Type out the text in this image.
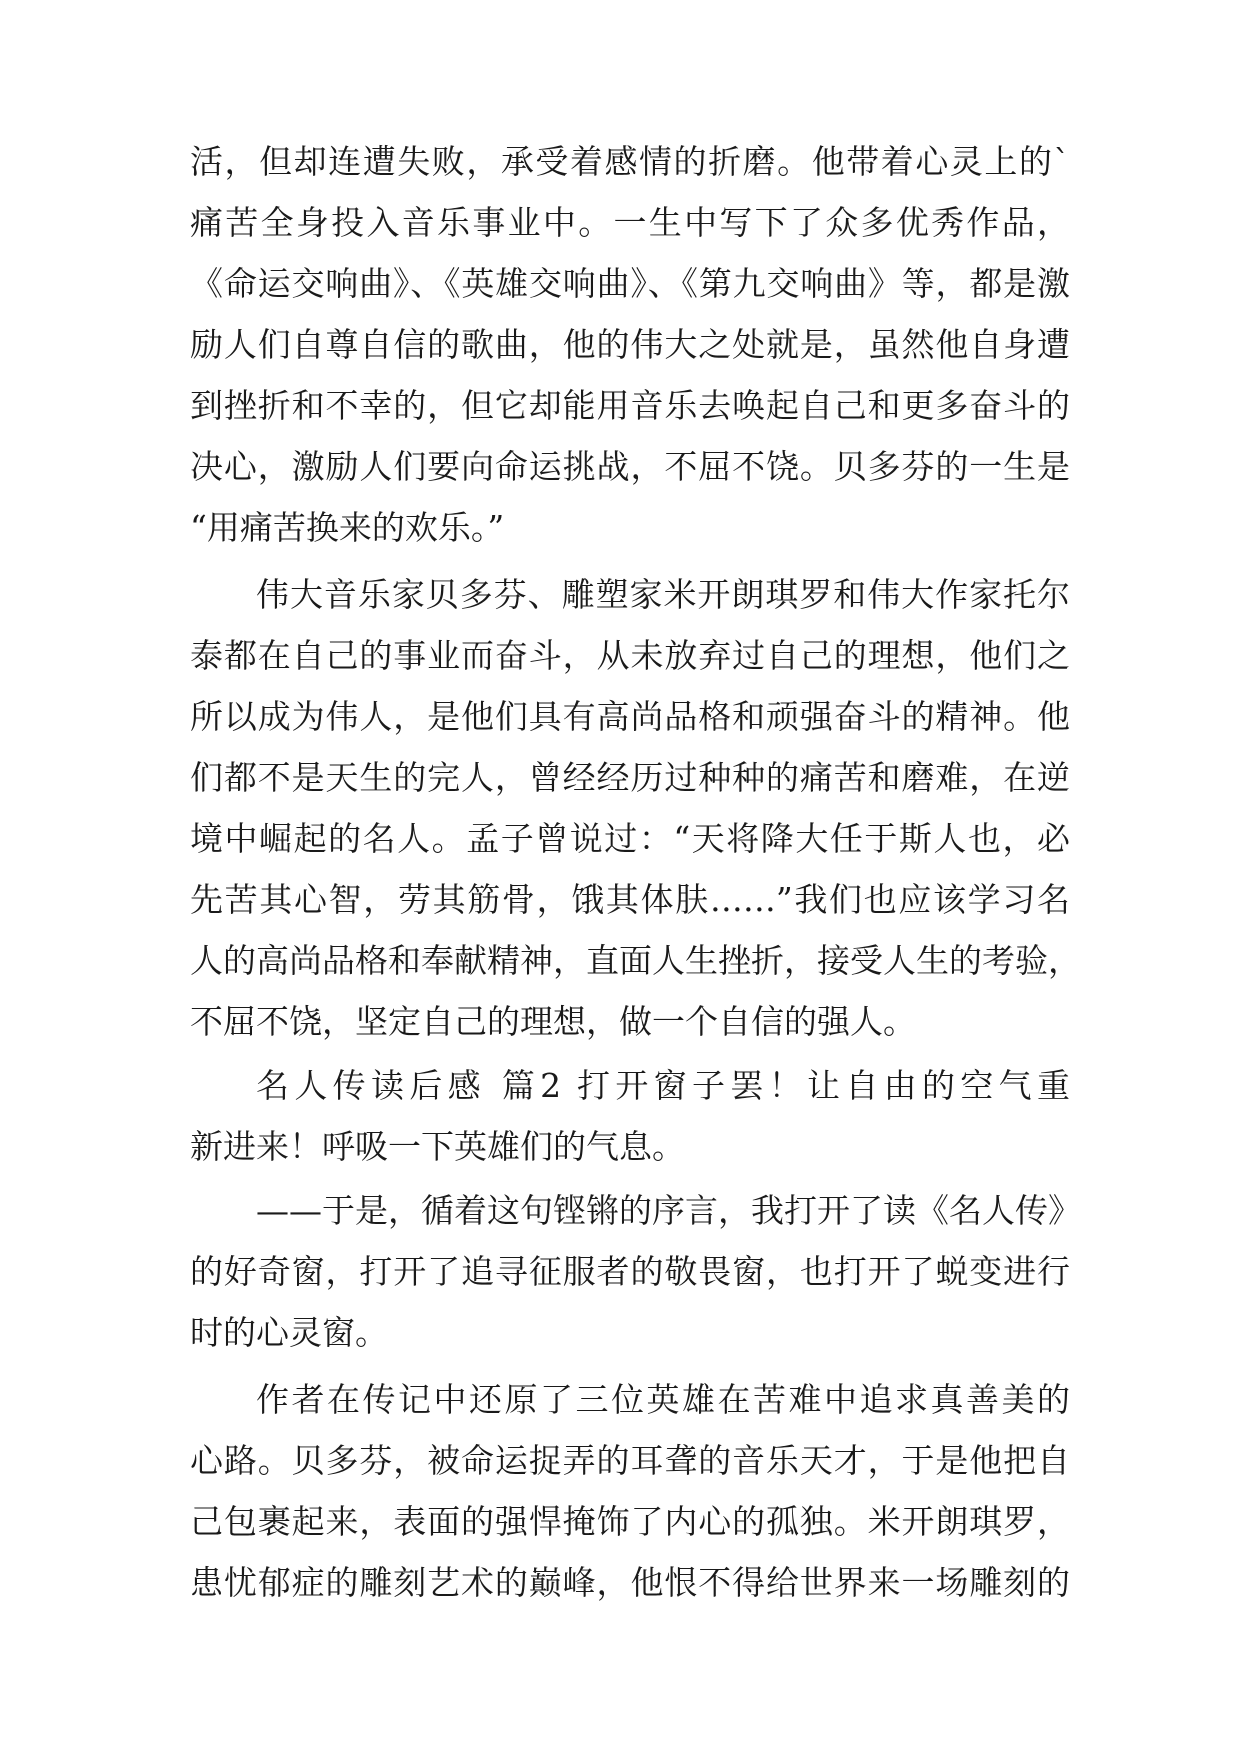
活，但却连遭失败，承受着感情的折磨。他带着心灵上的`
痛苦全身投入音乐事业中。一生中写下了众多优秀作品，
《命运交响曲》、《英雄交响曲》、《第九交响曲》等，都是激
励人们自尊自信的歌曲，他的伟大之处就是，虽然他自身遭
到挫折和不幸的，但它却能用音乐去唤起自己和更多奋斗的
决心，激励人们要向命运挑战，不屈不饶。贝多芬的一生是
“用痛苦换来的欢乐。”
伟大音乐家贝多芬、雕塑家米开朗琪罗和伟大作家托尔
泰都在自己的事业而奋斗，从未放弃过自己的理想，他们之
所以成为伟人，是他们具有高尚品格和顽强奋斗的精神。他
们都不是天生的完人，曾经经历过种种的痛苦和磨难，在逆
境中崛起的名人。孟子曾说过：“天将降大任于斯人也，必
先苦其心智，劳其筋骨，饿其体肤……”我们也应该学习名
人的高尚品格和奉献精神，直面人生挫折，接受人生的考验，
不屈不饶，坚定自己的理想，做一个自信的强人。
名人传读后感 篇2 打开窗子罢！让自由的空气重
新进来！呼吸一下英雄们的气息。
——于是，循着这句铿锵的序言，我打开了读《名人传》
的好奇窗，打开了追寻征服者的敬畏窗，也打开了蜕变进行
时的心灵窗。
作者在传记中还原了三位英雄在苦难中追求真善美的
心路。贝多芬，被命运捉弄的耳聋的音乐天才，于是他把自
己包裹起来，表面的强悍掩饰了内心的孤独。米开朗琪罗，
患忧郁症的雕刻艺术的巅峰，他恨不得给世界来一场雕刻的
